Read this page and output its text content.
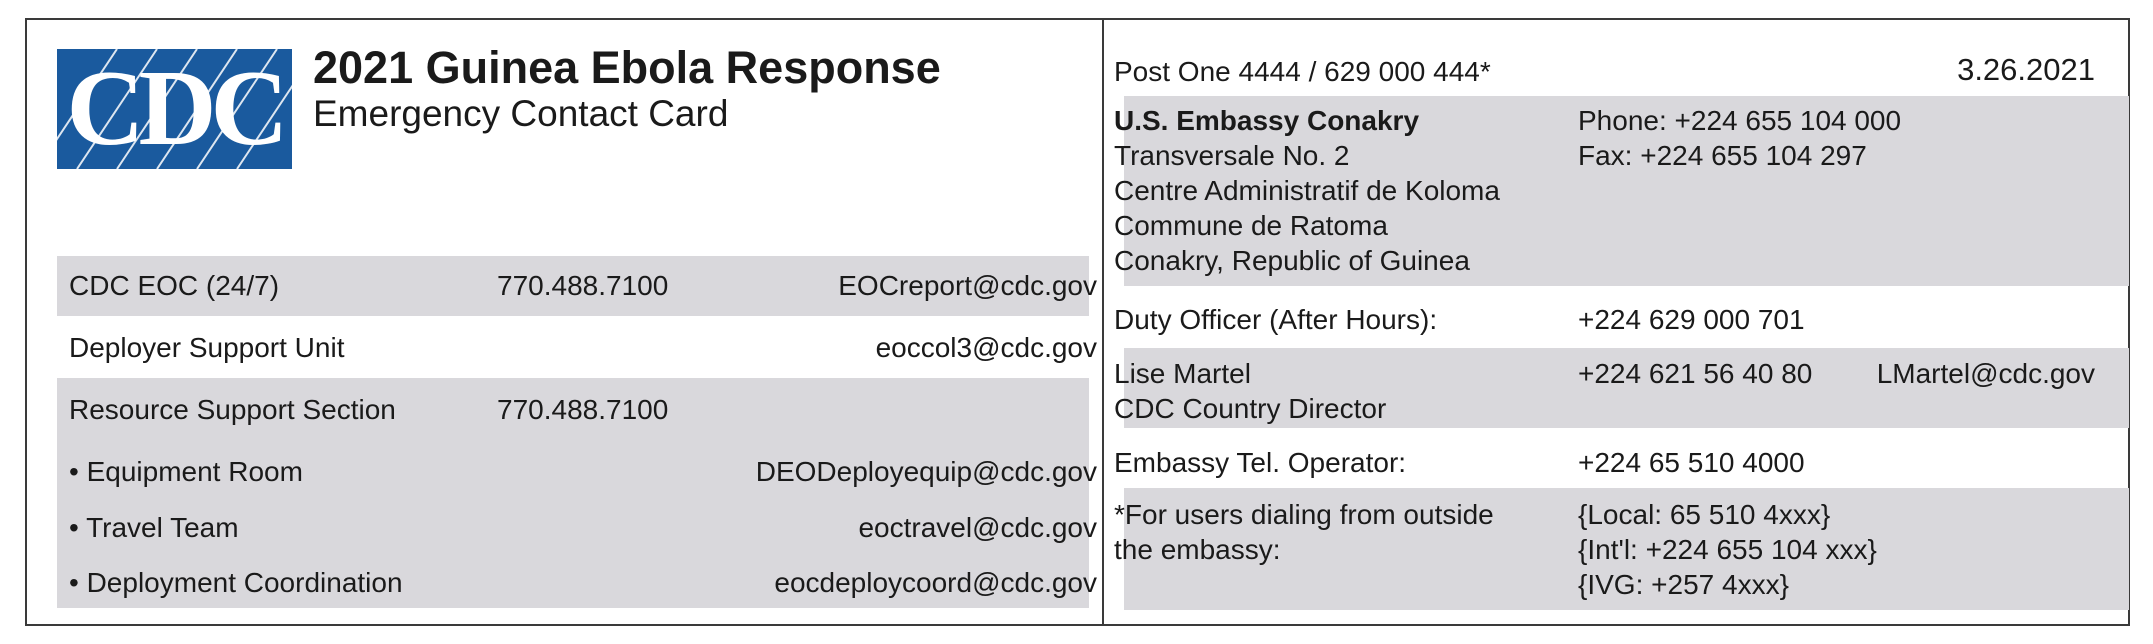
CDC 2021 Guinea Ebola Response
Emergency Contact Card
CDC EOC (24/7)	770.488.7100	EOCreport@cdc.gov
Deployer Support Unit	eoccol3@cdc.gov
Resource Support Section	770.488.7100
• Equipment Room	DEODeployequip@cdc.gov
• Travel Team	eoctravel@cdc.gov
• Deployment Coordination	eocdeploycoord@cdc.gov
Post One 4444 / 629 000 444*	3.26.2021
U.S. Embassy Conakry
Transversale No. 2
Centre Administratif de Koloma
Commune de Ratoma
Conakry, Republic of Guinea
Phone: +224 655 104 000
Fax: +224 655 104 297
Duty Officer (After Hours):	+224 629 000 701
Lise Martel
CDC Country Director
+224 621 56 40 80 LMartel@cdc.gov
Embassy Tel. Operator:	+224 65 510 4000
*For users dialing from outside
the embassy:
{Local: 65 510 4xxx}
{Int'l: +224 655 104 xxx}
{IVG: +257 4xxx}
